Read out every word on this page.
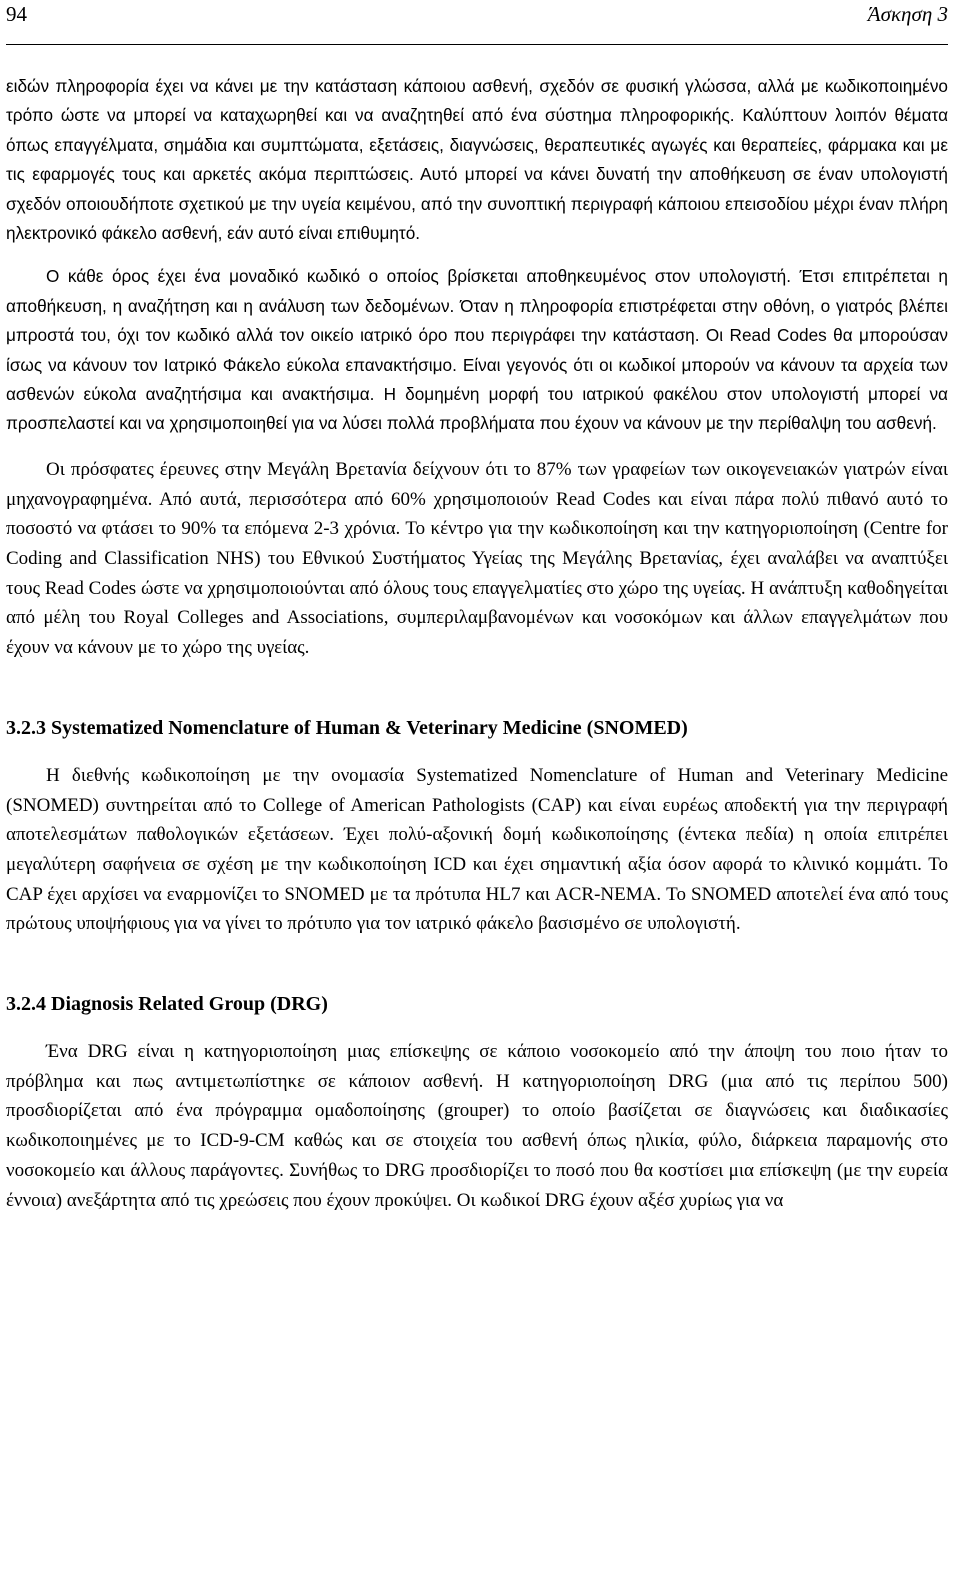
94	Άσκηση 3

ειδών πληροφορία έχει να κάνει με την κατάσταση κάποιου ασθενή, σχεδόν σε φυσική γλώσσα, αλλά με κωδικοποιημένο τρόπο ώστε να μπορεί να καταχωρηθεί και να αναζητηθεί από ένα σύστημα πληροφορικής. Καλύπτουν λοιπόν θέματα όπως επαγγέλματα, σημάδια και συμπτώματα, εξετάσεις, διαγνώσεις, θεραπευτικές αγωγές και θεραπείες, φάρμακα και με τις εφαρμογές τους και αρκετές ακόμα περιπτώσεις. Αυτό μπορεί να κάνει δυνατή την αποθήκευση σε έναν υπολογιστή σχεδόν οποιουδήποτε σχετικού με την υγεία κειμένου, από την συνοπτική περιγραφή κάποιου επεισοδίου μέχρι έναν πλήρη ηλεκτρονικό φάκελο ασθενή, εάν αυτό είναι επιθυμητό.

Ο κάθε όρος έχει ένα μοναδικό κωδικό ο οποίος βρίσκεται αποθηκευμένος στον υπολογιστή. Έτσι επιτρέπεται η αποθήκευση, η αναζήτηση και η ανάλυση των δεδομένων. Όταν η πληροφορία επιστρέφεται στην οθόνη, ο γιατρός βλέπει μπροστά του, όχι τον κωδικό αλλά τον οικείο ιατρικό όρο που περιγράφει την κατάσταση. Οι Read Codes θα μπορούσαν ίσως να κάνουν τον Ιατρικό Φάκελο εύκολα επανακτήσιμο. Είναι γεγονός ότι οι κωδικοί μπορούν να κάνουν τα αρχεία των ασθενών εύκολα αναζητήσιμα και ανακτήσιμα. Η δομημένη μορφή του ιατρικού φακέλου στον υπολογιστή μπορεί να προσπελαστεί και να χρησιμοποιηθεί για να λύσει πολλά προβλήματα που έχουν να κάνουν με την περίθαλψη του ασθενή.

Οι πρόσφατες έρευνες στην Μεγάλη Βρετανία δείχνουν ότι το 87% των γραφείων των οικογενειακών γιατρών είναι μηχανογραφημένα. Από αυτά, περισσότερα από 60% χρησιμοποιούν Read Codes και είναι πάρα πολύ πιθανό αυτό το ποσοστό να φτάσει το 90% τα επόμενα 2-3 χρόνια. Το κέντρο για την κωδικοποίηση και την κατηγοριοποίηση (Centre for Coding and Classification NHS) του Εθνικού Συστήματος Υγείας της Μεγάλης Βρετανίας, έχει αναλάβει να αναπτύξει τους Read Codes ώστε να χρησιμοποιούνται από όλους τους επαγγελματίες στο χώρο της υγείας. Η ανάπτυξη καθοδηγείται από μέλη του Royal Colleges and Associations, συμπεριλαμβανομένων και νοσοκόμων και άλλων επαγγελμάτων που έχουν να κάνουν με το χώρο της υγείας.

3.2.3 Systematized Nomenclature of Human & Veterinary Medicine (SNOMED)

Η διεθνής κωδικοποίηση με την ονομασία Systematized Nomenclature of Human and Veterinary Medicine (SNOMED) συντηρείται από το College of American Pathologists (CAP) και είναι ευρέως αποδεκτή για την περιγραφή αποτελεσμάτων παθολογικών εξετάσεων. Έχει πολύ-αξονική δομή κωδικοποίησης (έντεκα πεδία) η οποία επιτρέπει μεγαλύτερη σαφήνεια σε σχέση με την κωδικοποίηση ICD και έχει σημαντική αξία όσον αφορά το κλινικό κομμάτι. Το CAP έχει αρχίσει να εναρμονίζει το SNOMED με τα πρότυπα HL7 και ACR-NEMA. Το SNOMED αποτελεί ένα από τους πρώτους υποψήφιους για να γίνει το πρότυπο για τον ιατρικό φάκελο βασισμένο σε υπολογιστή.

3.2.4 Diagnosis Related Group (DRG)

Ένα DRG είναι η κατηγοριοποίηση μιας επίσκεψης σε κάποιο νοσοκομείο από την άποψη του ποιο ήταν το πρόβλημα και πως αντιμετωπίστηκε σε κάποιον ασθενή. Η κατηγοριοποίηση DRG (μια από τις περίπου 500) προσδιορίζεται από ένα πρόγραμμα ομαδοποίησης (grouper) το οποίο βασίζεται σε διαγνώσεις και διαδικασίες κωδικοποιημένες με το ICD-9-CM καθώς και σε στοιχεία του ασθενή όπως ηλικία, φύλο, διάρκεια παραμονής στο νοσοκομείο και άλλους παράγοντες. Συνήθως το DRG προσδιορίζει το ποσό που θα κοστίσει μια επίσκεψη (με την ευρεία έννοια) ανεξάρτητα από τις χρεώσεις που έχουν προκύψει. Οι κωδικοί DRG έχουν αξέσ χυρίως για να
